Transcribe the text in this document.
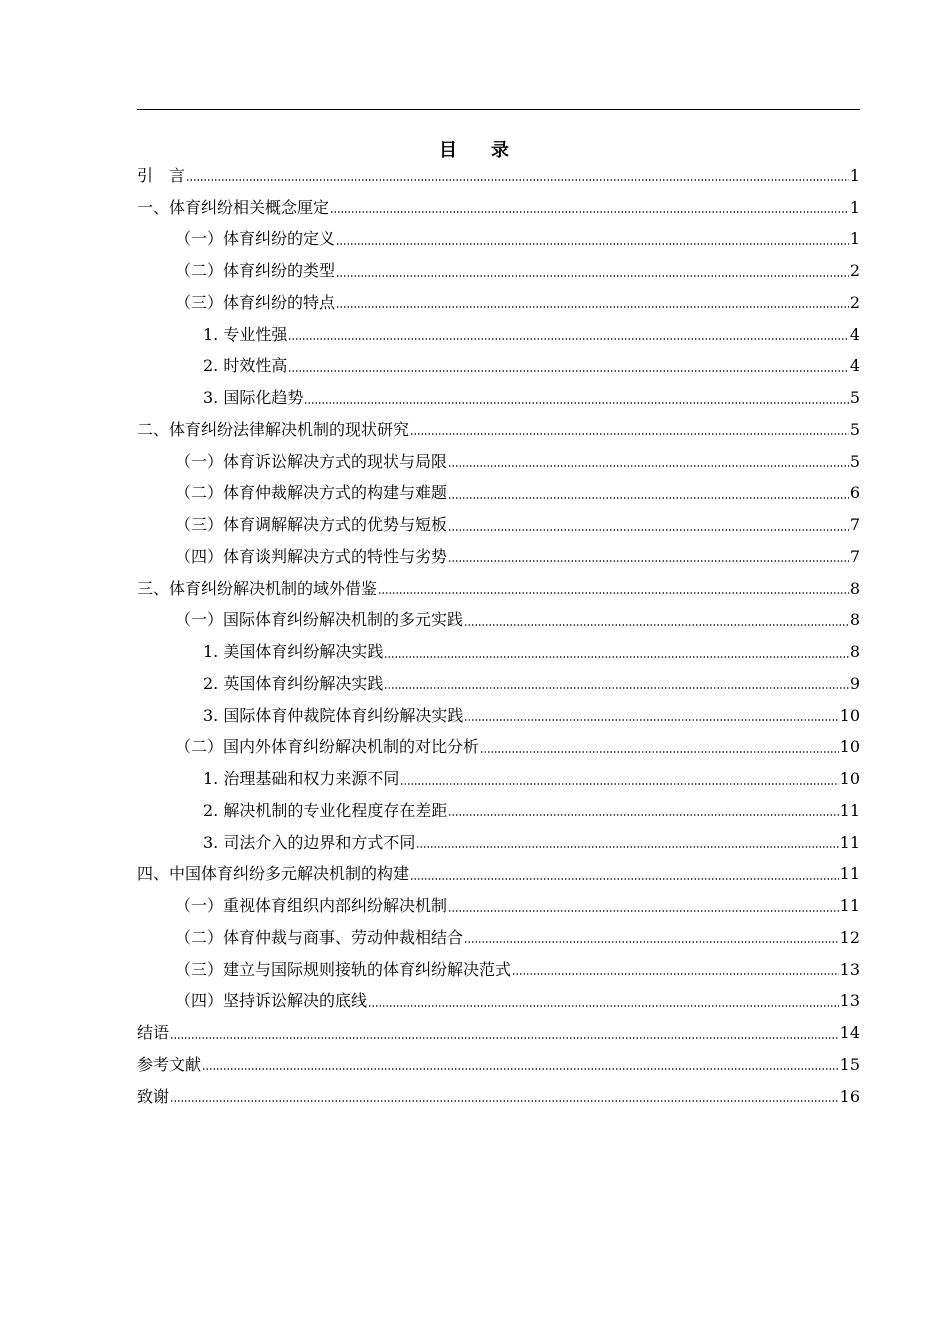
目 录
引　言	1
一、体育纠纷相关概念厘定	1
（一）体育纠纷的定义	1
（二）体育纠纷的类型	2
（三）体育纠纷的特点	2
1. 专业性强	4
2. 时效性高	4
3. 国际化趋势	5
二、体育纠纷法律解决机制的现状研究	5
（一）体育诉讼解决方式的现状与局限	5
（二）体育仲裁解决方式的构建与难题	6
（三）体育调解解决方式的优势与短板	7
（四）体育谈判解决方式的特性与劣势	7
三、体育纠纷解决机制的域外借鉴	8
（一）国际体育纠纷解决机制的多元实践	8
1. 美国体育纠纷解决实践	8
2. 英国体育纠纷解决实践	9
3. 国际体育仲裁院体育纠纷解决实践	10
（二）国内外体育纠纷解决机制的对比分析	10
1. 治理基础和权力来源不同	10
2. 解决机制的专业化程度存在差距	11
3. 司法介入的边界和方式不同	11
四、中国体育纠纷多元解决机制的构建	11
（一）重视体育组织内部纠纷解决机制	11
（二）体育仲裁与商事、劳动仲裁相结合	12
（三）建立与国际规则接轨的体育纠纷解决范式	13
（四）坚持诉讼解决的底线	13
结语	14
参考文献	15
致谢	16
